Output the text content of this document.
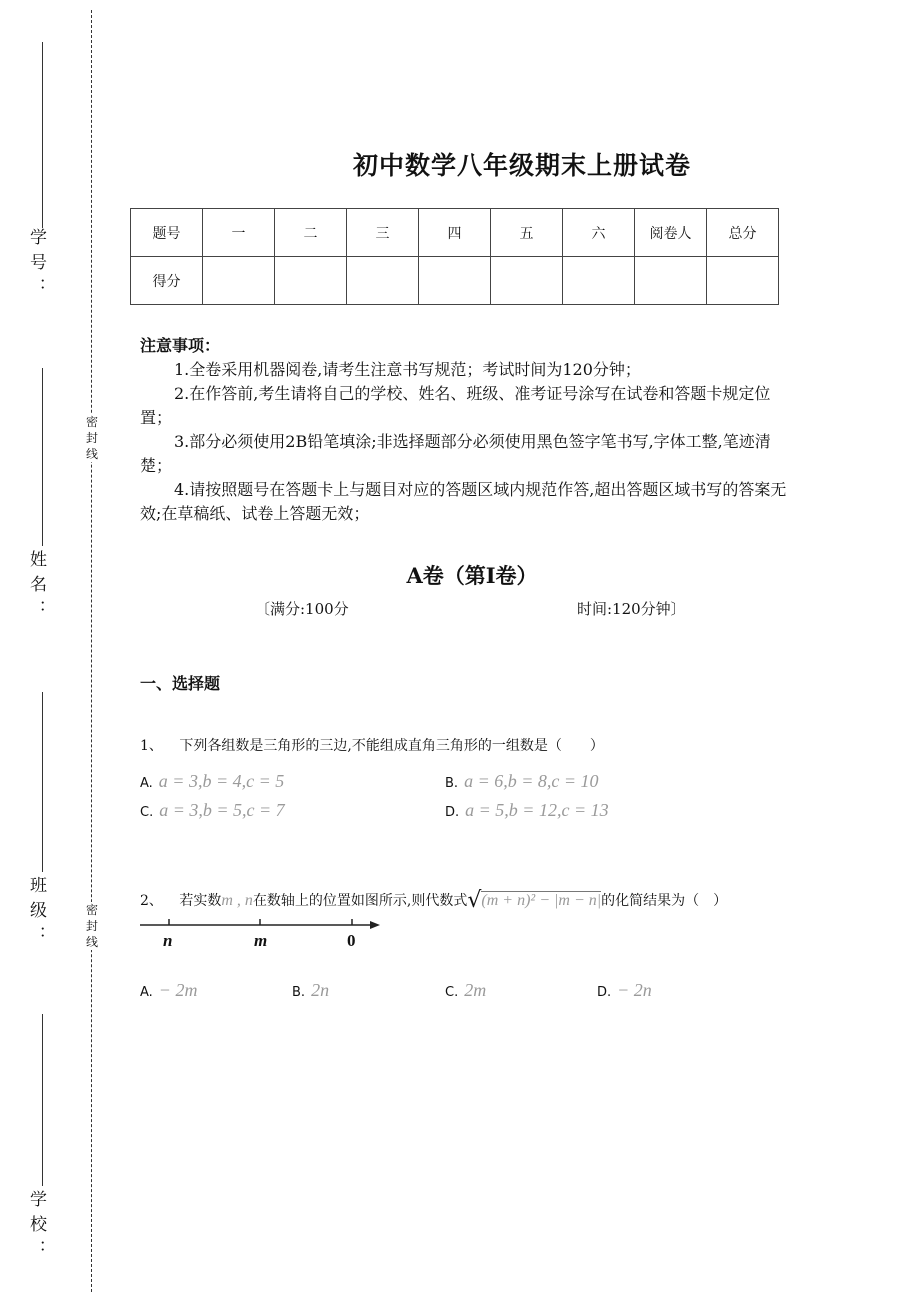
学号：
姓名：
班级：
学校：
密
封
线
密
封
线
初中数学八年级期末上册试卷
题号	一	二	三	四	五	六	阅卷人	总分
得分								
注意事项：

1.全卷采用机器阅卷,请考生注意书写规范；考试时间为120分钟；

2.在作答前,考生请将自己的学校、姓名、班级、准考证号涂写在试卷和答题卡规定位置；

3.部分必须使用2B铅笔填涂;非选择题部分必须使用黑色签字笔书写,字体工整,笔迹清楚；

4.请按照题号在答题卡上与题目对应的答题区域内规范作答,超出答题区域书写的答案无效;在草稿纸、试卷上答题无效；

A卷（第I卷）
〔满分:100分	时间:120分钟〕
一、选择题
1、 下列各组数是三角形的三边,不能组成直角三角形的一组数是（　　）
A. a = 3,b = 4,c = 5	B. a = 6,b = 8,c = 10
C. a = 3,b = 5,c = 7	D. a = 5,b = 12,c = 13
2、 若实数m , n在数轴上的位置如图所示,则代数式√(m + n)² − |m − n|的化简结果为（　）
n	m	0
A. − 2m	B. 2n	C. 2m	D. − 2n
